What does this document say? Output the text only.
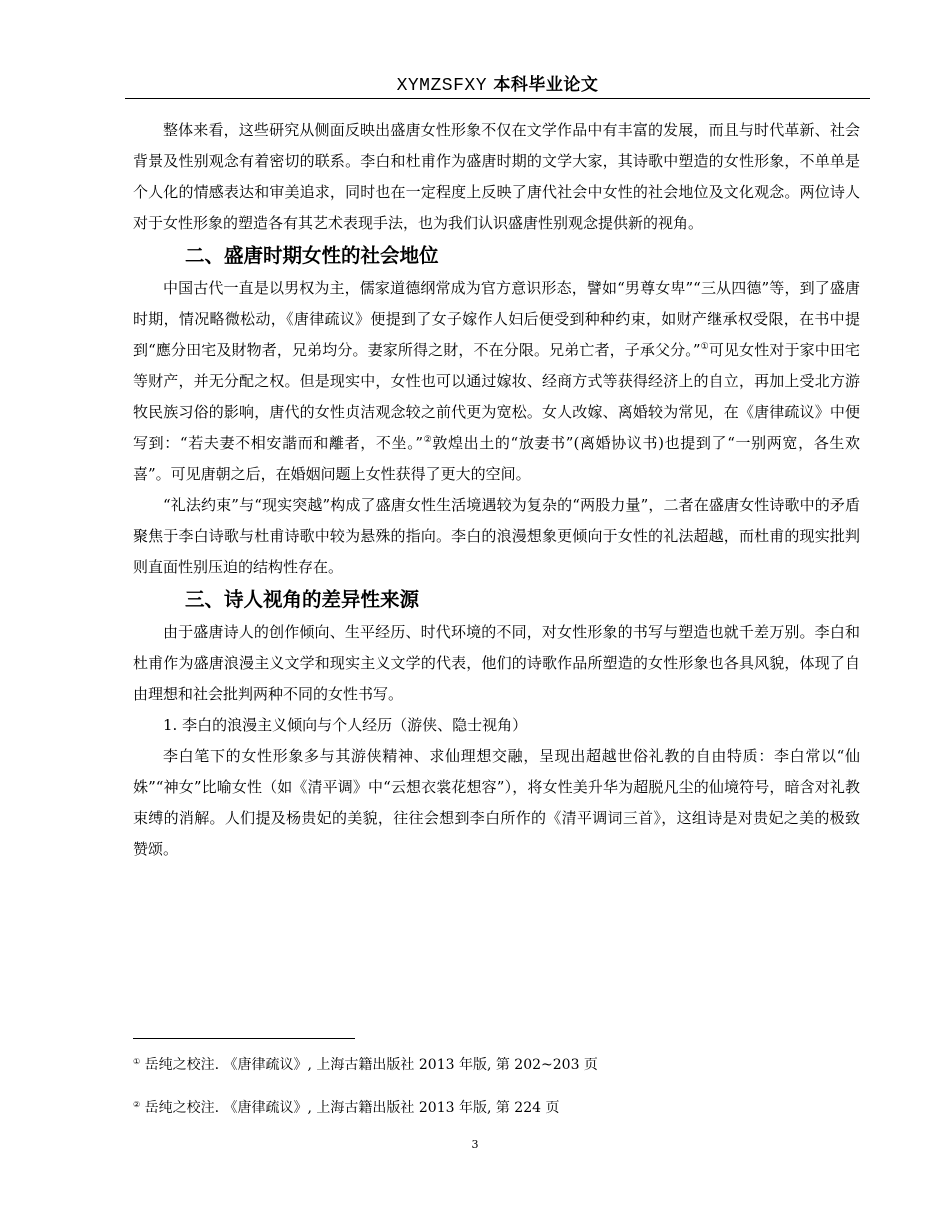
XYMZSFXY 本科毕业论文

整体来看，这些研究从侧面反映出盛唐女性形象不仅在文学作品中有丰富的发展，而且与时代革新、社会背景及性别观念有着密切的联系。李白和杜甫作为盛唐时期的文学大家，其诗歌中塑造的女性形象，不单单是个人化的情感表达和审美追求，同时也在一定程度上反映了唐代社会中女性的社会地位及文化观念。两位诗人对于女性形象的塑造各有其艺术表现手法，也为我们认识盛唐性别观念提供新的视角。

二、盛唐时期女性的社会地位

中国古代一直是以男权为主，儒家道德纲常成为官方意识形态，譬如“男尊女卑”“三从四德”等，到了盛唐时期，情况略微松动，《唐律疏议》便提到了女子嫁作人妇后便受到种种约束，如财产继承权受限，在书中提到“應分田宅及財物者，兄弟均分。妻家所得之財，不在分限。兄弟亡者，子承父分。”①可见女性对于家中田宅等财产，并无分配之权。但是现实中，女性也可以通过嫁妆、经商方式等获得经济上的自立，再加上受北方游牧民族习俗的影响，唐代的女性贞洁观念较之前代更为宽松。女人改嫁、离婚较为常见，在《唐律疏议》中便写到：“若夫妻不相安諧而和離者，不坐。”②敦煌出土的“放妻书”(离婚协议书)也提到了“一别两宽，各生欢喜”。可见唐朝之后，在婚姻问题上女性获得了更大的空间。

“礼法约束”与“现实突越”构成了盛唐女性生活境遇较为复杂的“两股力量”，二者在盛唐女性诗歌中的矛盾聚焦于李白诗歌与杜甫诗歌中较为悬殊的指向。李白的浪漫想象更倾向于女性的礼法超越，而杜甫的现实批判则直面性别压迫的结构性存在。

三、诗人视角的差异性来源

由于盛唐诗人的创作倾向、生平经历、时代环境的不同，对女性形象的书写与塑造也就千差万别。李白和杜甫作为盛唐浪漫主义文学和现实主义文学的代表，他们的诗歌作品所塑造的女性形象也各具风貌，体现了自由理想和社会批判两种不同的女性书写。

1. 李白的浪漫主义倾向与个人经历（游侠、隐士视角）

李白笔下的女性形象多与其游侠精神、求仙理想交融，呈现出超越世俗礼教的自由特质：李白常以“仙姝”“神女”比喻女性（如《清平调》中“云想衣裳花想容”），将女性美升华为超脱凡尘的仙境符号，暗含对礼教束缚的消解。人们提及杨贵妃的美貌，往往会想到李白所作的《清平调词三首》，这组诗是对贵妃之美的极致赞颂。

① 岳纯之校注. 《唐律疏议》, 上海古籍出版社 2013 年版, 第 202~203 页
② 岳纯之校注. 《唐律疏议》, 上海古籍出版社 2013 年版, 第 224 页
3
